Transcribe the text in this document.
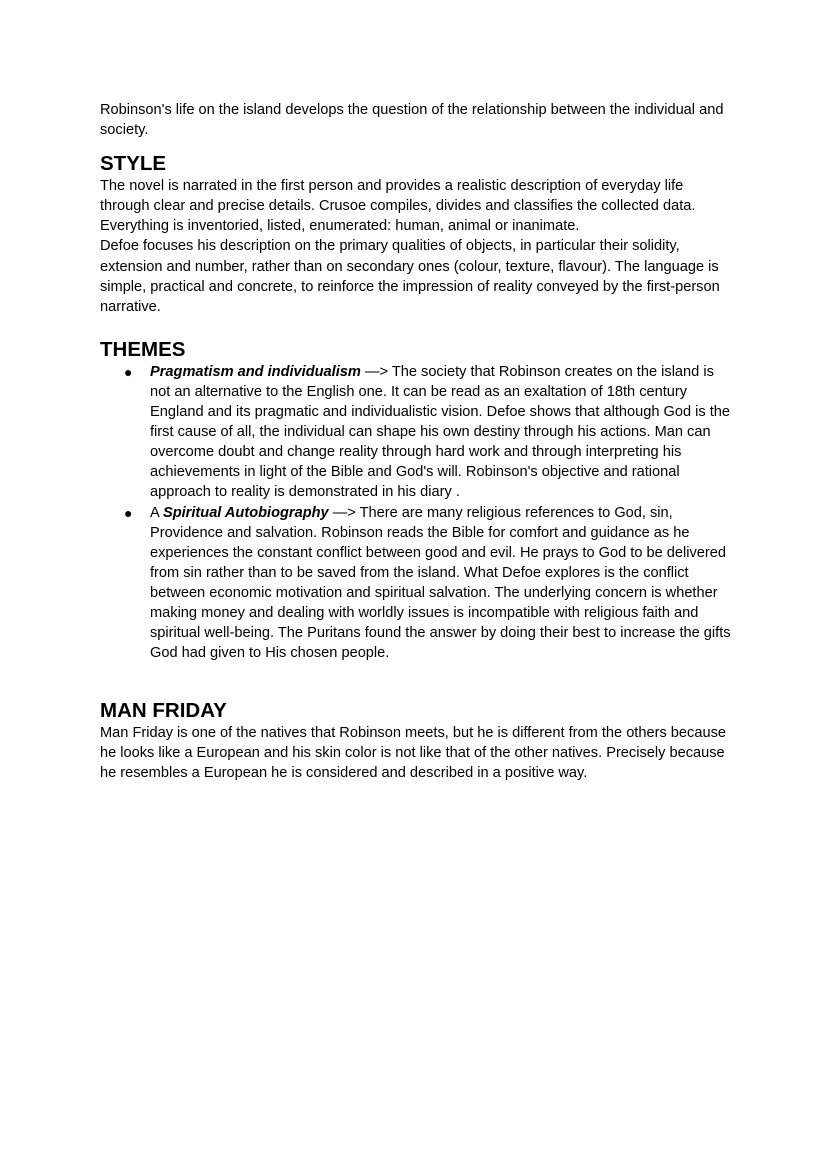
Robinson's life on the island develops the question of the relationship between the individual and society.

STYLE

The novel is narrated in the first person and provides a realistic description of everyday life through clear and precise details. Crusoe compiles, divides and classifies the collected data. Everything is inventoried, listed, enumerated: human, animal or inanimate.

Defoe focuses his description on the primary qualities of objects, in particular their solidity, extension and number, rather than on secondary ones (colour, texture, flavour). The language is simple, practical and concrete, to reinforce the impression of reality conveyed by the first-person narrative.

THEMES
● Pragmatism and individualism —> The society that Robinson creates on the island is not an alternative to the English one. It can be read as an exaltation of 18th century England and its pragmatic and individualistic vision. Defoe shows that although God is the first cause of all, the individual can shape his own destiny through his actions. Man can overcome doubt and change reality through hard work and through interpreting his achievements in light of the Bible and God's will. Robinson's objective and rational approach to reality is demonstrated in his diary .
● A Spiritual Autobiography —> There are many religious references to God, sin, Providence and salvation. Robinson reads the Bible for comfort and guidance as he experiences the constant conflict between good and evil. He prays to God to be delivered from sin rather than to be saved from the island. What Defoe explores is the conflict between economic motivation and spiritual salvation. The underlying concern is whether making money and dealing with worldly issues is incompatible with religious faith and spiritual well-being. The Puritans found the answer by doing their best to increase the gifts God had given to His chosen people.
MAN FRIDAY

Man Friday is one of the natives that Robinson meets, but he is different from the others because he looks like a European and his skin color is not like that of the other natives. Precisely because he resembles a European he is considered and described in a positive way.
